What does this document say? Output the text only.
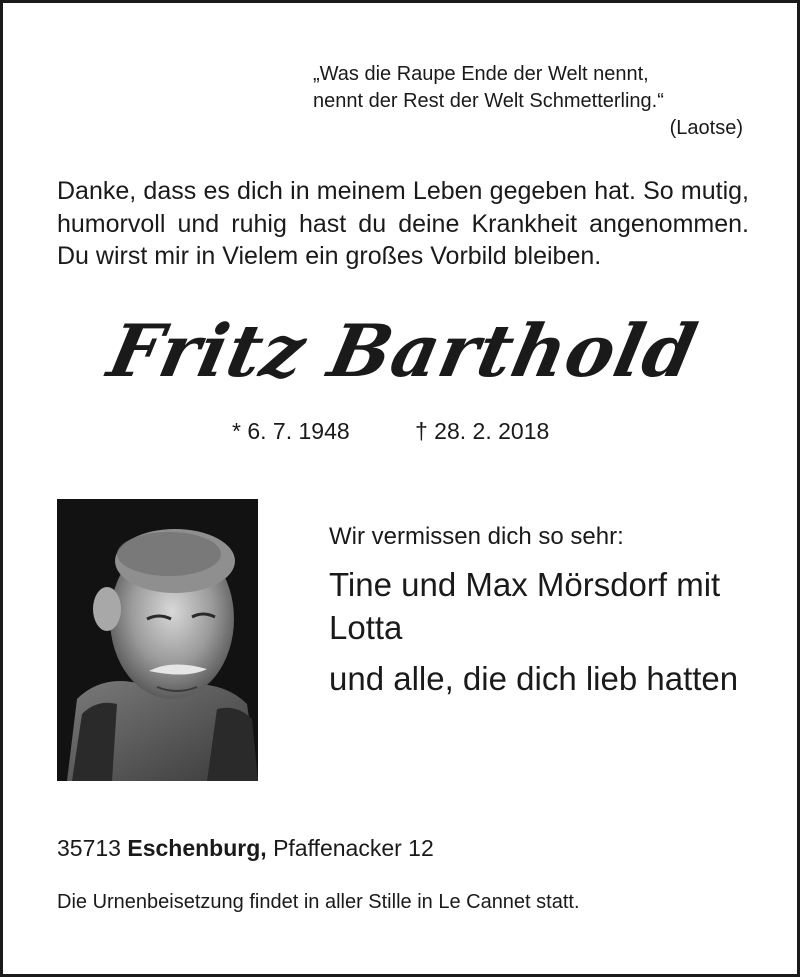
„Was die Raupe Ende der Welt nennt,
nennt der Rest der Welt Schmetterling.“
(Laotse)
Danke, dass es dich in meinem Leben gegeben hat. So mutig, humorvoll und ruhig hast du deine Krankheit angenommen. Du wirst mir in Vielem ein großes Vorbild bleiben.
Fritz Barthold
* 6. 7. 1948	† 28. 2. 2018
Wir vermissen dich so sehr:
Tine und Max Mörsdorf mit Lotta
und alle, die dich lieb hatten
35713 Eschenburg, Pfaffenacker 12
Die Urnenbeisetzung findet in aller Stille in Le Cannet statt.
